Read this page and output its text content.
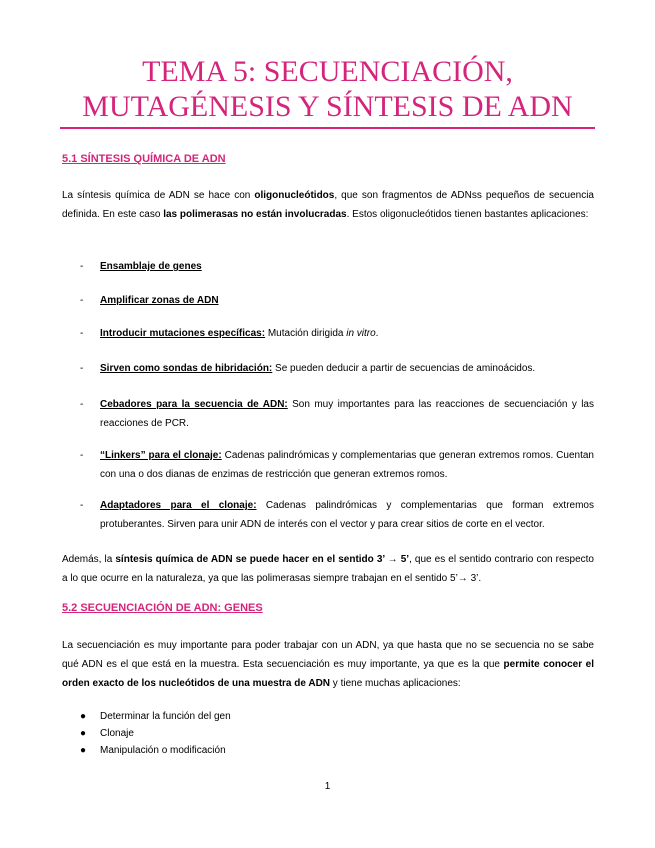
TEMA 5: SECUENCIACIÓN,
MUTAGÉNESIS Y SÍNTESIS DE ADN
5.1 SÍNTESIS QUÍMICA DE ADN

La síntesis química de ADN se hace con oligonucleótidos, que son fragmentos de ADNss pequeños de secuencia definida. En este caso las polimerasas no están involucradas. Estos oligonucleótidos tienen bastantes aplicaciones:

- Ensamblaje de genes
- Amplificar zonas de ADN
- Introducir mutaciones específicas: Mutación dirigida in vitro.
- Sirven como sondas de hibridación: Se pueden deducir a partir de secuencias de aminoácidos.
- Cebadores para la secuencia de ADN: Son muy importantes para las reacciones de secuenciación y las reacciones de PCR.
- “Linkers” para el clonaje: Cadenas palindrómicas y complementarias que generan extremos romos. Cuentan con una o dos dianas de enzimas de restricción que generan extremos romos.
- Adaptadores para el clonaje: Cadenas palindrómicas y complementarias que forman extremos protuberantes. Sirven para unir ADN de interés con el vector y para crear sitios de corte en el vector.

Además, la síntesis química de ADN se puede hacer en el sentido 3’ → 5’, que es el sentido contrario con respecto a lo que ocurre en la naturaleza, ya que las polimerasas siempre trabajan en el sentido 5’→ 3’.

5.2 SECUENCIACIÓN DE ADN: GENES

La secuenciación es muy importante para poder trabajar con un ADN, ya que hasta que no se secuencia no se sabe qué ADN es el que está en la muestra. Esta secuenciación es muy importante, ya que es la que permite conocer el orden exacto de los nucleótidos de una muestra de ADN y tiene muchas aplicaciones:

● Determinar la función del gen
● Clonaje
● Manipulación o modificación
1
